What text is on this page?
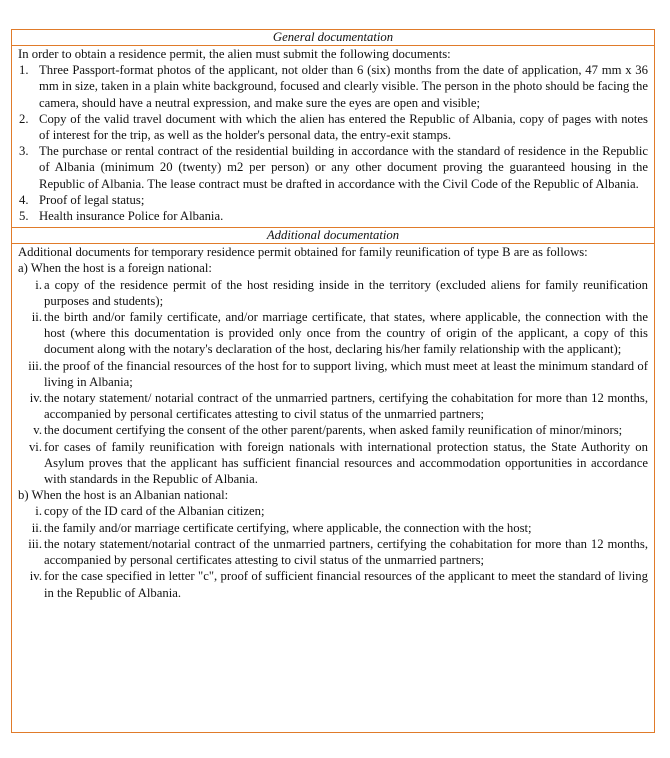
General documentation
In order to obtain a residence permit, the alien must submit the following documents:
1. Three Passport-format photos of the applicant, not older than 6 (six) months from the date of application, 47 mm x 36 mm in size, taken in a plain white background, focused and clearly visible. The person in the photo should be facing the camera, should have a neutral expression, and make sure the eyes are open and visible;
2. Copy of the valid travel document with which the alien has entered the Republic of Albania, copy of pages with notes of interest for the trip, as well as the holder's personal data, the entry-exit stamps.
3. The purchase or rental contract of the residential building in accordance with the standard of residence in the Republic of Albania (minimum 20 (twenty) m2 per person) or any other document proving the guaranteed housing in the Republic of Albania. The lease contract must be drafted in accordance with the Civil Code of the Republic of Albania.
4. Proof of legal status;
5. Health insurance Police for Albania.
Additional documentation
Additional documents for temporary residence permit obtained for family reunification of type B are as follows:
a) When the host is a foreign national:
i. a copy of the residence permit of the host residing inside in the territory (excluded aliens for family reunification purposes and students);
ii. the birth and/or family certificate, and/or marriage certificate, that states, where applicable, the connection with the host (where this documentation is provided only once from the country of origin of the applicant, a copy of this document along with the notary's declaration of the host, declaring his/her family relationship with the applicant);
iii. the proof of the financial resources of the host for to support living, which must meet at least the minimum standard of living in Albania;
iv. the notary statement/ notarial contract of the unmarried partners, certifying the cohabitation for more than 12 months, accompanied by personal certificates attesting to civil status of the unmarried partners;
v. the document certifying the consent of the other parent/parents, when asked family reunification of minor/minors;
vi. for cases of family reunification with foreign nationals with international protection status, the State Authority on Asylum proves that the applicant has sufficient financial resources and accommodation opportunities in accordance with standards in the Republic of Albania.
b) When the host is an Albanian national:
i. copy of the ID card of the Albanian citizen;
ii. the family and/or marriage certificate certifying, where applicable, the connection with the host;
iii. the notary statement/notarial contract of the unmarried partners, certifying the cohabitation for more than 12 months, accompanied by personal certificates attesting to civil status of the unmarried partners;
iv. for the case specified in letter "c", proof of sufficient financial resources of the applicant to meet the standard of living in the Republic of Albania.
